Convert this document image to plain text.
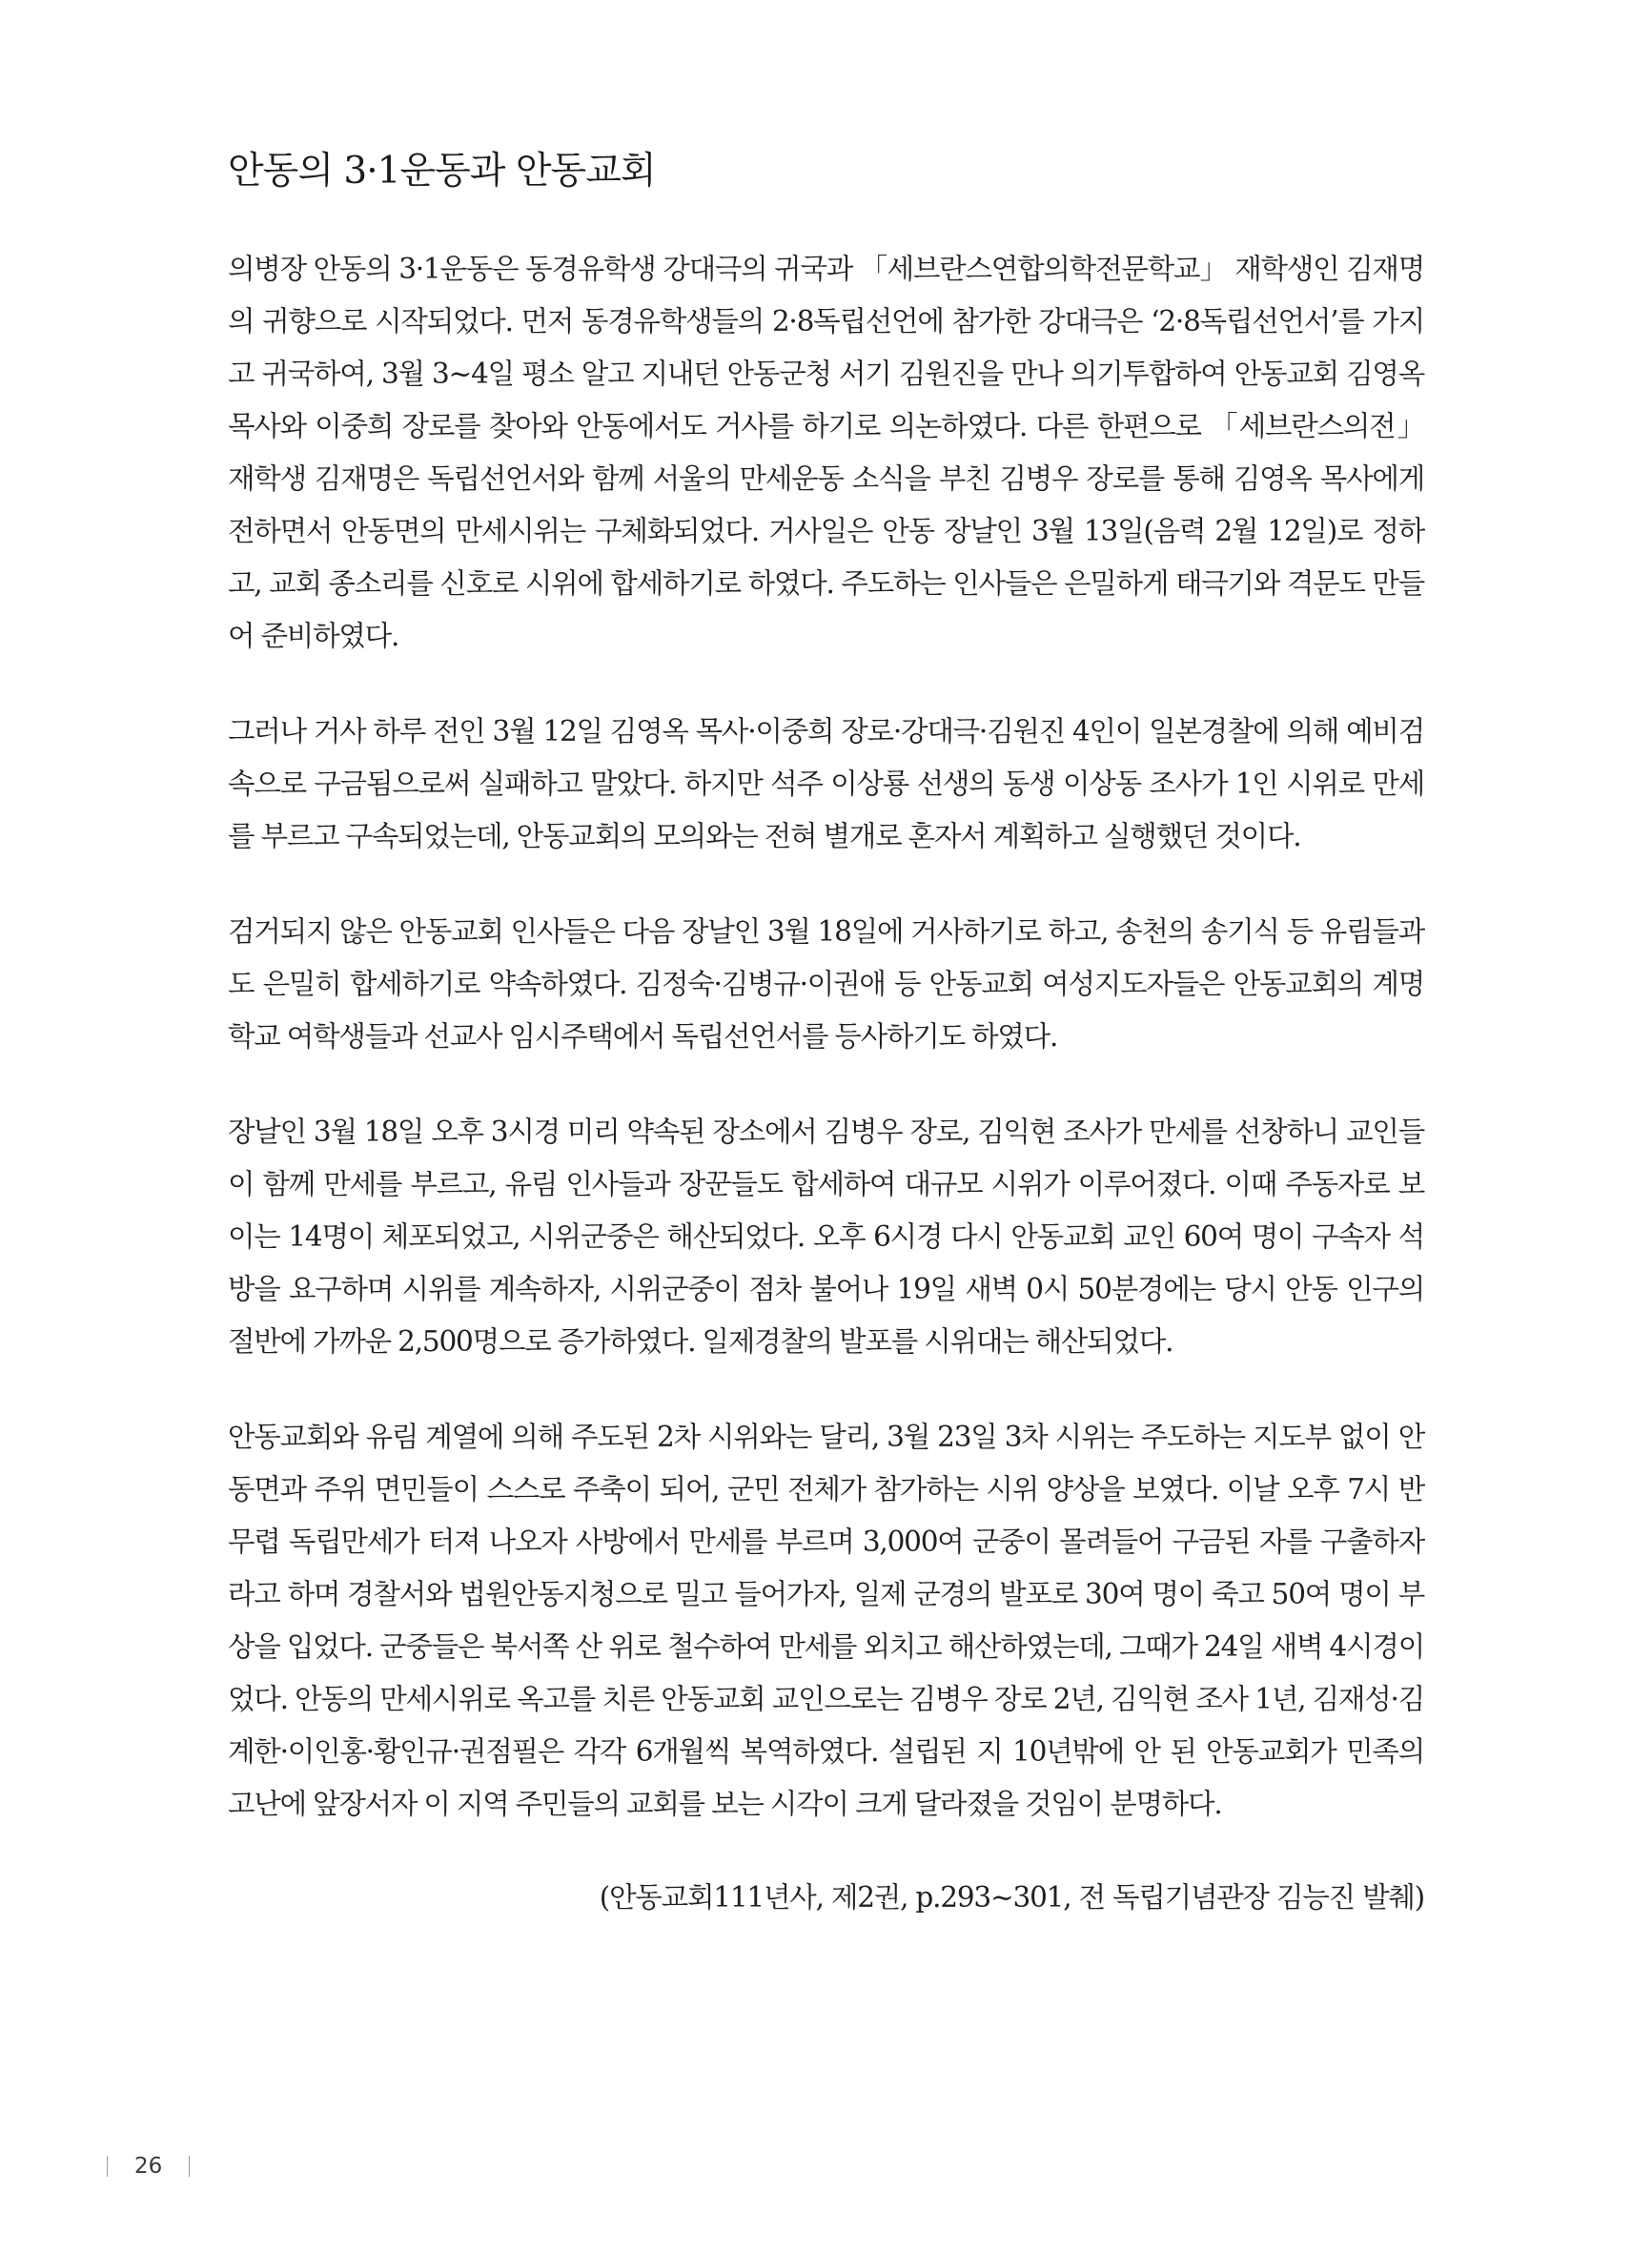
안동의 3·1운동과 안동교회

의병장 안동의 3·1운동은 동경유학생 강대극의 귀국과 「세브란스연합의학전문학교」 재학생인 김재명의 귀향으로 시작되었다. 먼저 동경유학생들의 2·8독립선언에 참가한 강대극은 ‘2·8독립선언서’를 가지고 귀국하여, 3월 3~4일 평소 알고 지내던 안동군청 서기 김원진을 만나 의기투합하여 안동교회 김영옥 목사와 이중희 장로를 찾아와 안동에서도 거사를 하기로 의논하였다. 다른 한편으로 「세브란스의전」 재학생 김재명은 독립선언서와 함께 서울의 만세운동 소식을 부친 김병우 장로를 통해 김영옥 목사에게 전하면서 안동면의 만세시위는 구체화되었다. 거사일은 안동 장날인 3월 13일(음력 2월 12일)로 정하고, 교회 종소리를 신호로 시위에 합세하기로 하였다. 주도하는 인사들은 은밀하게 태극기와 격문도 만들어 준비하였다.

그러나 거사 하루 전인 3월 12일 김영옥 목사·이중희 장로·강대극·김원진 4인이 일본경찰에 의해 예비검속으로 구금됨으로써 실패하고 말았다. 하지만 석주 이상룡 선생의 동생 이상동 조사가 1인 시위로 만세를 부르고 구속되었는데, 안동교회의 모의와는 전혀 별개로 혼자서 계획하고 실행했던 것이다.

검거되지 않은 안동교회 인사들은 다음 장날인 3월 18일에 거사하기로 하고, 송천의 송기식 등 유림들과도 은밀히 합세하기로 약속하였다. 김정숙·김병규·이권애 등 안동교회 여성지도자들은 안동교회의 계명학교 여학생들과 선교사 임시주택에서 독립선언서를 등사하기도 하였다.

장날인 3월 18일 오후 3시경 미리 약속된 장소에서 김병우 장로, 김익현 조사가 만세를 선창하니 교인들이 함께 만세를 부르고, 유림 인사들과 장꾼들도 합세하여 대규모 시위가 이루어졌다. 이때 주동자로 보이는 14명이 체포되었고, 시위군중은 해산되었다. 오후 6시경 다시 안동교회 교인 60여 명이 구속자 석방을 요구하며 시위를 계속하자, 시위군중이 점차 불어나 19일 새벽 0시 50분경에는 당시 안동 인구의 절반에 가까운 2,500명으로 증가하였다. 일제경찰의 발포를 시위대는 해산되었다.

안동교회와 유림 계열에 의해 주도된 2차 시위와는 달리, 3월 23일 3차 시위는 주도하는 지도부 없이 안동면과 주위 면민들이 스스로 주축이 되어, 군민 전체가 참가하는 시위 양상을 보였다. 이날 오후 7시 반 무렵 독립만세가 터져 나오자 사방에서 만세를 부르며 3,000여 군중이 몰려들어 구금된 자를 구출하자라고 하며 경찰서와 법원안동지청으로 밀고 들어가자, 일제 군경의 발포로 30여 명이 죽고 50여 명이 부상을 입었다. 군중들은 북서쪽 산 위로 철수하여 만세를 외치고 해산하였는데, 그때가 24일 새벽 4시경이었다. 안동의 만세시위로 옥고를 치른 안동교회 교인으로는 김병우 장로 2년, 김익현 조사 1년, 김재성·김계한·이인홍·황인규·권점필은 각각 6개월씩 복역하였다. 설립된 지 10년밖에 안 된 안동교회가 민족의 고난에 앞장서자 이 지역 주민들의 교회를 보는 시각이 크게 달라졌을 것임이 분명하다.

(안동교회111년사, 제2권, p.293~301, 전 독립기념관장 김능진 발췌)

26
